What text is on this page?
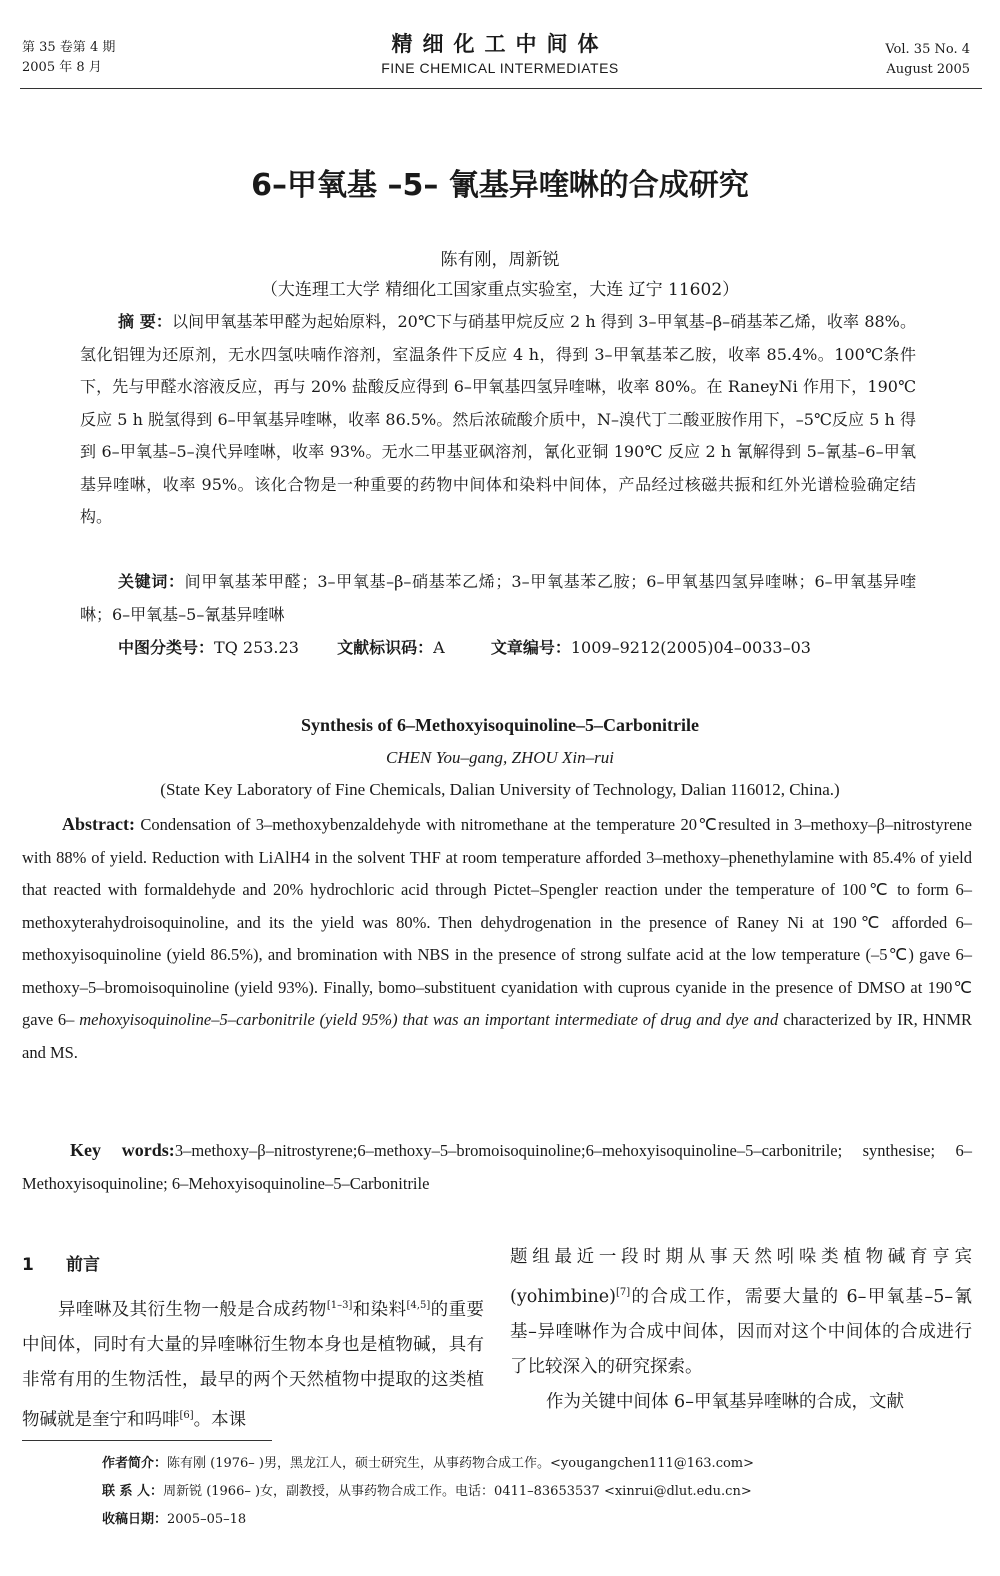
第 35 卷第 4 期
2005 年 8 月
精细化工中间体
FINE CHEMICAL INTERMEDIATES
Vol. 35 No. 4
August 2005
6–甲氧基 –5– 氰基异喹啉的合成研究
陈有刚，周新锐
（大连理工大学 精细化工国家重点实验室，大连 辽宁 11602）
摘 要：以间甲氧基苯甲醛为起始原料，20℃下与硝基甲烷反应 2 h 得到 3–甲氧基–β–硝基苯乙烯，收率 88%。氢化铝锂为还原剂，无水四氢呋喃作溶剂，室温条件下反应 4 h，得到 3–甲氧基苯乙胺，收率 85.4%。100℃条件下，先与甲醛水溶液反应，再与 20% 盐酸反应得到 6–甲氧基四氢异喹啉，收率 80%。在 RaneyNi 作用下，190℃反应 5 h 脱氢得到 6–甲氧基异喹啉，收率 86.5%。然后浓硫酸介质中，N–溴代丁二酸亚胺作用下，–5℃反应 5 h 得到 6–甲氧基–5–溴代异喹啉，收率 93%。无水二甲基亚砜溶剂，氰化亚铜 190℃ 反应 2 h 氰解得到 5–氰基–6–甲氧基异喹啉，收率 95%。该化合物是一种重要的药物中间体和染料中间体，产品经过核磁共振和红外光谱检验确定结构。
关键词：间甲氧基苯甲醛；3–甲氧基–β–硝基苯乙烯；3–甲氧基苯乙胺；6–甲氧基四氢异喹啉；6–甲氧基异喹啉；6–甲氧基–5–氰基异喹啉
中图分类号：TQ 253.23 文献标识码：A	文章编号：1009–9212(2005)04–0033–03
Synthesis of 6–Methoxyisoquinoline–5–Carbonitrile
CHEN You–gang, ZHOU Xin–rui
(State Key Laboratory of Fine Chemicals, Dalian University of Technology, Dalian 116012, China.)
Abstract: Condensation of 3–methoxybenzaldehyde with nitromethane at the temperature 20℃resulted in 3–methoxy–β–nitrostyrene with 88% of yield. Reduction with LiAlH4 in the solvent THF at room temperature afforded 3–methoxy–phenethylamine with 85.4% of yield that reacted with formaldehyde and 20% hydrochloric acid through Pictet–Spengler reaction under the temperature of 100℃ to form 6–methoxyterahydroisoquinoline, and its the yield was 80%. Then dehydrogenation in the presence of Raney Ni at 190℃ afforded 6–methoxyisoquinoline (yield 86.5%), and bromination with NBS in the presence of strong sulfate acid at the low temperature (–5℃) gave 6–methoxy–5–bromoisoquinoline (yield 93%). Finally, bomo–substituent cyanidation with cuprous cyanide in the presence of DMSO at 190℃ gave 6– mehoxyisoquinoline–5–carbonitrile (yield 95%) that was an important intermediate of drug and dye and characterized by IR, HNMR and MS.
Key words:3–methoxy–β–nitrostyrene;6–methoxy–5–bromoisoquinoline;6–mehoxyisoquinoline–5–carbonitrile; synthesise; 6–Methoxyisoquinoline; 6–Mehoxyisoquinoline–5–Carbonitrile
1 前言
异喹啉及其衍生物一般是合成药物[1–3]和染料[4,5]的重要中间体，同时有大量的异喹啉衍生物本身也是植物碱，具有非常有用的生物活性，最早的两个天然植物中提取的这类植物碱就是奎宁和吗啡[6]。本课
题组最近一段时期从事天然吲哚类植物碱育亨宾(yohimbine)[7]的合成工作，需要大量的 6–甲氧基–5–氰基–异喹啉作为合成中间体，因而对这个中间体的合成进行了比较深入的研究探索。
作为关键中间体 6–甲氧基异喹啉的合成，文献
作者简介：陈有刚 (1976– )男，黑龙江人，硕士研究生，从事药物合成工作。<yougangchen111@163.com>
联 系 人：周新锐 (1966– )女，副教授，从事药物合成工作。电话：0411–83653537 <xinrui@dlut.edu.cn>
收稿日期：2005–05–18
